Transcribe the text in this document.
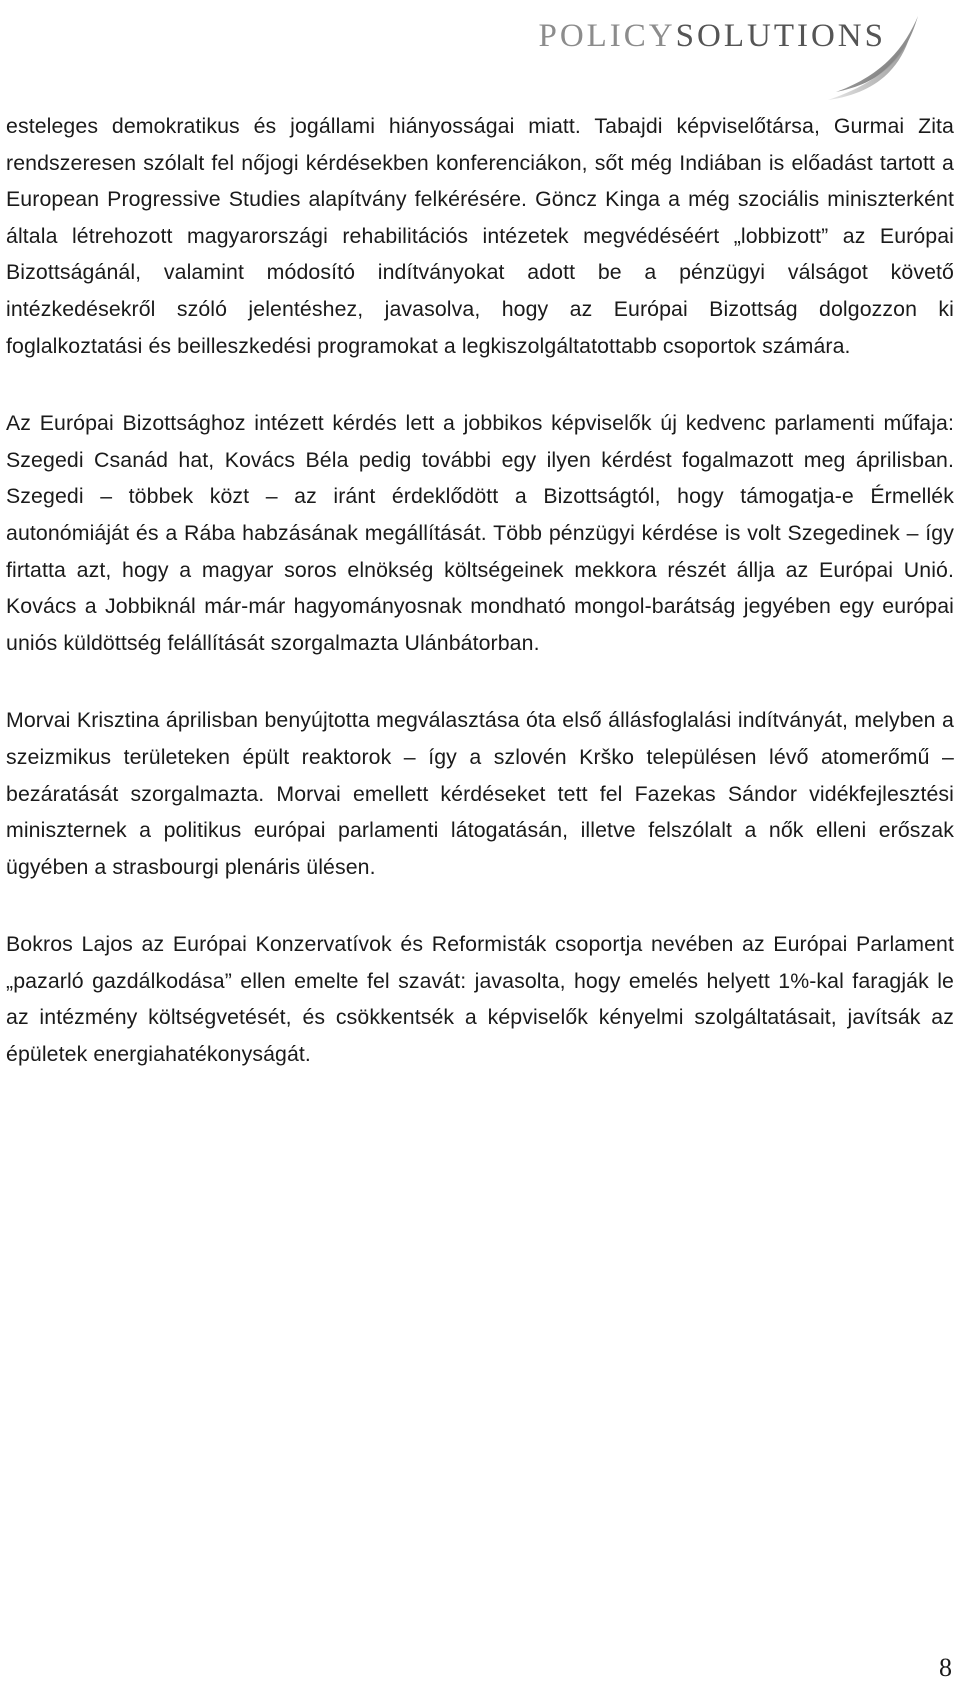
POLICYSOLUTIONS

esteleges demokratikus és jogállami hiányosságai miatt. Tabajdi képviselőtársa, Gurmai Zita rendszeresen szólalt fel nőjogi kérdésekben konferenciákon, sőt még Indiában is előadást tartott a European Progressive Studies alapítvány felkérésére. Göncz Kinga a még szociális miniszterként általa létrehozott magyarországi rehabilitációs intézetek megvédéséért „lobbizott” az Európai Bizottságánál, valamint módosító indítványokat adott be a pénzügyi válságot követő intézkedésekről szóló jelentéshez, javasolva, hogy az Európai Bizottság dolgozzon ki foglalkoztatási és beilleszkedési programokat a legkiszolgáltatottabb csoportok számára.

Az Európai Bizottsághoz intézett kérdés lett a jobbikos képviselők új kedvenc parlamenti műfaja: Szegedi Csanád hat, Kovács Béla pedig további egy ilyen kérdést fogalmazott meg áprilisban. Szegedi – többek közt – az iránt érdeklődött a Bizottságtól, hogy támogatja-e Érmellék autonómiáját és a Rába habzásának megállítását. Több pénzügyi kérdése is volt Szegedinek – így firtatta azt, hogy a magyar soros elnökség költségeinek mekkora részét állja az Európai Unió. Kovács a Jobbiknál már-már hagyományosnak mondható mongol-barátság jegyében egy európai uniós küldöttség felállítását szorgalmazta Ulánbátorban.

Morvai Krisztina áprilisban benyújtotta megválasztása óta első állásfoglalási indítványát, melyben a szeizmikus területeken épült reaktorok – így a szlovén Krško településen lévő atomerőmű – bezáratását szorgalmazta. Morvai emellett kérdéseket tett fel Fazekas Sándor vidékfejlesztési miniszternek a politikus európai parlamenti látogatásán, illetve felszólalt a nők elleni erőszak ügyében a strasbourgi plenáris ülésen.

Bokros Lajos az Európai Konzervatívok és Reformisták csoportja nevében az Európai Parlament „pazarló gazdálkodása” ellen emelte fel szavát: javasolta, hogy emelés helyett 1%-kal faragják le az intézmény költségvetését, és csökkentsék a képviselők kényelmi szolgáltatásait, javítsák az épületek energiahatékonyságát.

8
